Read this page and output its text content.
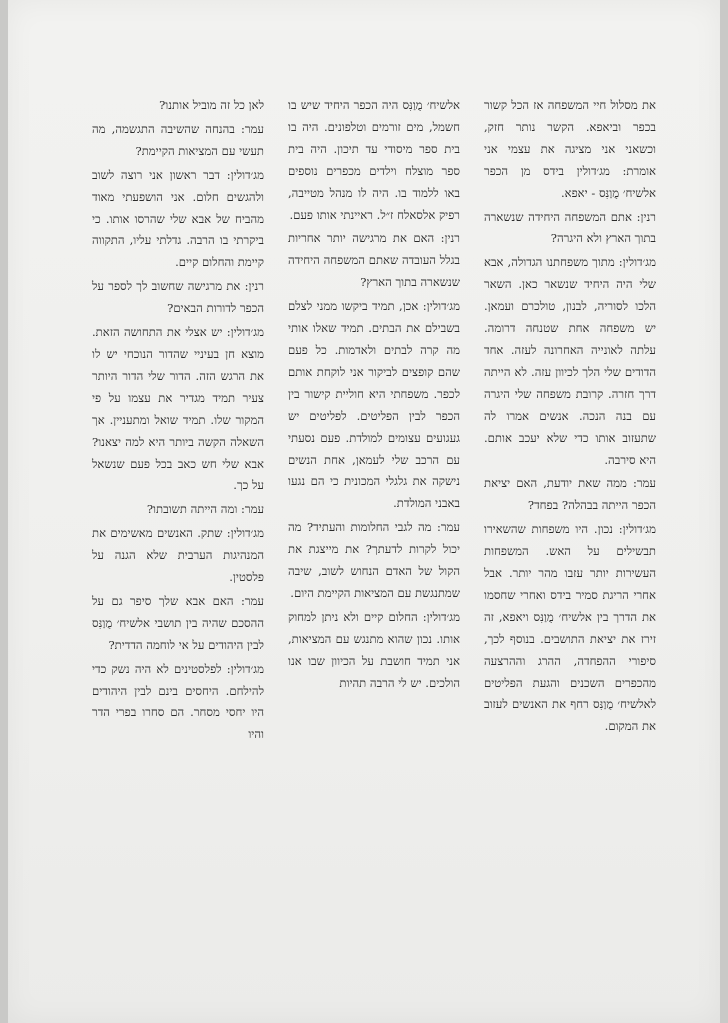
את מסלול חיי המשפחה אז הכל קשור בכפר וביאפא. הקשר נותר חזק, וכשאני אני מציגה את עצמי אני אומרת: מג׳דולין בידס מן הכפר אלשיח׳ מֻוַנִּס - יאפא.

רנין: אתם המשפחה היחידה שנשארה בתוך הארץ ולא היגרה?

מג׳דולין: מתוך משפחתנו הגדולה, אבא שלי היה היחיד שנשאר כאן. השאר הלכו לסוריה, לבנון, טולכרם ועמאן. יש משפחה אחת שטנחה דרומה. עלתה לאונייה האחרונה לעזה. אחד הדודים שלי הלך לכיוון עזה. לא הייתה דרך חזרה. קרובת משפחה שלי היגרה עם בנה הנכה. אנשים אמרו לה שתעזוב אותו כדי שלא יעכב אותם. היא סירבה.

עמר: ממה שאת יודעת, האם יציאת הכפר הייתה בבהלה? בפחד?

מג׳דולין: נכון. היו משפחות שהשאירו תבשילים על האש. המשפחות העשירות יותר עזבו מהר יותר. אבל אחרי הריגת סמיר בידס ואחרי שחסמו את הדרך בין אלשיח׳ מֻוַנִּס ויאפא, זה זירז את יציאת התושבים. בנוסף לכך, סיפורי ההפחדה, ההרג וההרצעה מהכפרים השכנים והגעת הפליטים לאלשיח׳ מֻוַנִּס רחף את האנשים לעזוב את המקום.

אלשיח׳ מֻוַנִּס היה הכפר היחיד שיש בו חשמל, מים זורמים וטלפונים. היה בו בית ספר מיסודי עד תיכון. היה בית ספר מוצלח וילדים מכפרים נוספים באו ללמוד בו. היה לו מנהל מטייבה, רפיק אלסאלח ז״ל. ראיינתי אותו פעם.

רנין: האם את מרגישה יותר אחריות בגלל העובדה שאתם המשפחה היחידה שנשארה בתוך הארץ?

מג׳דולין: אכן, תמיד ביקשו ממני לצלם בשבילם את הבתים. תמיד שאלו אותי מה קרה לבתים ולאדמות. כל פעם שהם קופצים לביקור אני לוקחת אותם לכפר. משפחתי היא חוליית קישור בין הכפר לבין הפליטים. לפליטים יש געגועים עצומים למולדת. פעם נסעתי עם הרכב שלי לעמאן, אחת הנשים נישקה את גלגלי המכונית כי הם נגעו באבני המולדת.

עמר: מה לגבי החלומות והעתיד? מה יכול לקרות לדעתך? את מייצגת את הקול של האדם הנחוש לשוב, שיבה שמתנגשת עם המציאות הקיימת היום.

מג׳דולין: החלום קיים ולא ניתן למחוק אותו. נכון שהוא מתנגש עם המציאות, אני תמיד חושבת על הכיוון שבו אנו הולכים. יש לי הרבה תהיות

לאן כל זה מוביל אותנו?

עמר: בהנחה שהשיבה התגשמה, מה תעשי עם המציאות הקיימת?

מג׳דולין: דבר ראשון אני רוצה לשוב ולהגשים חלום. אני הושפעתי מאוד מהביח של אבא שלי שהרסו אותו. כי ביקרתי בו הרבה. גדלתי עליו, התקווה קיימת והחלום קיים.

רנין: את מרגישה שחשוב לך לספר על הכפר לדורות הבאים?

מג׳דולין: יש אצלי את התחושה הזאת. מוצא חן בעיניי שהדור הנוכחי יש לו את הרגש הזה. הדור שלי הדור היותר צעיר תמיד מגדיר את עצמו על פי המקור שלו. תמיד שואל ומתעניין. אך השאלה הקשה ביותר היא למה יצאנו? אבא שלי חש כאב בכל פעם שנשאל על כך.

עמר: ומה הייתה תשובתו?

מג׳דולין: שתק. האנשים מאשימים את המנהיגות הערבית שלא הגנה על פלסטין.

עמר: האם אבא שלך סיפר גם על ההסכם שהיה בין תושבי אלשיח׳ מֻוַנִּס לבין היהודים על אי לוחמה הדדית?

מג׳דולין: לפלסטינים לא היה נשק כדי להילחם. היחסים בינם לבין היהודים היו יחסי מסחר. הם סחרו בפרי הדר והיו
